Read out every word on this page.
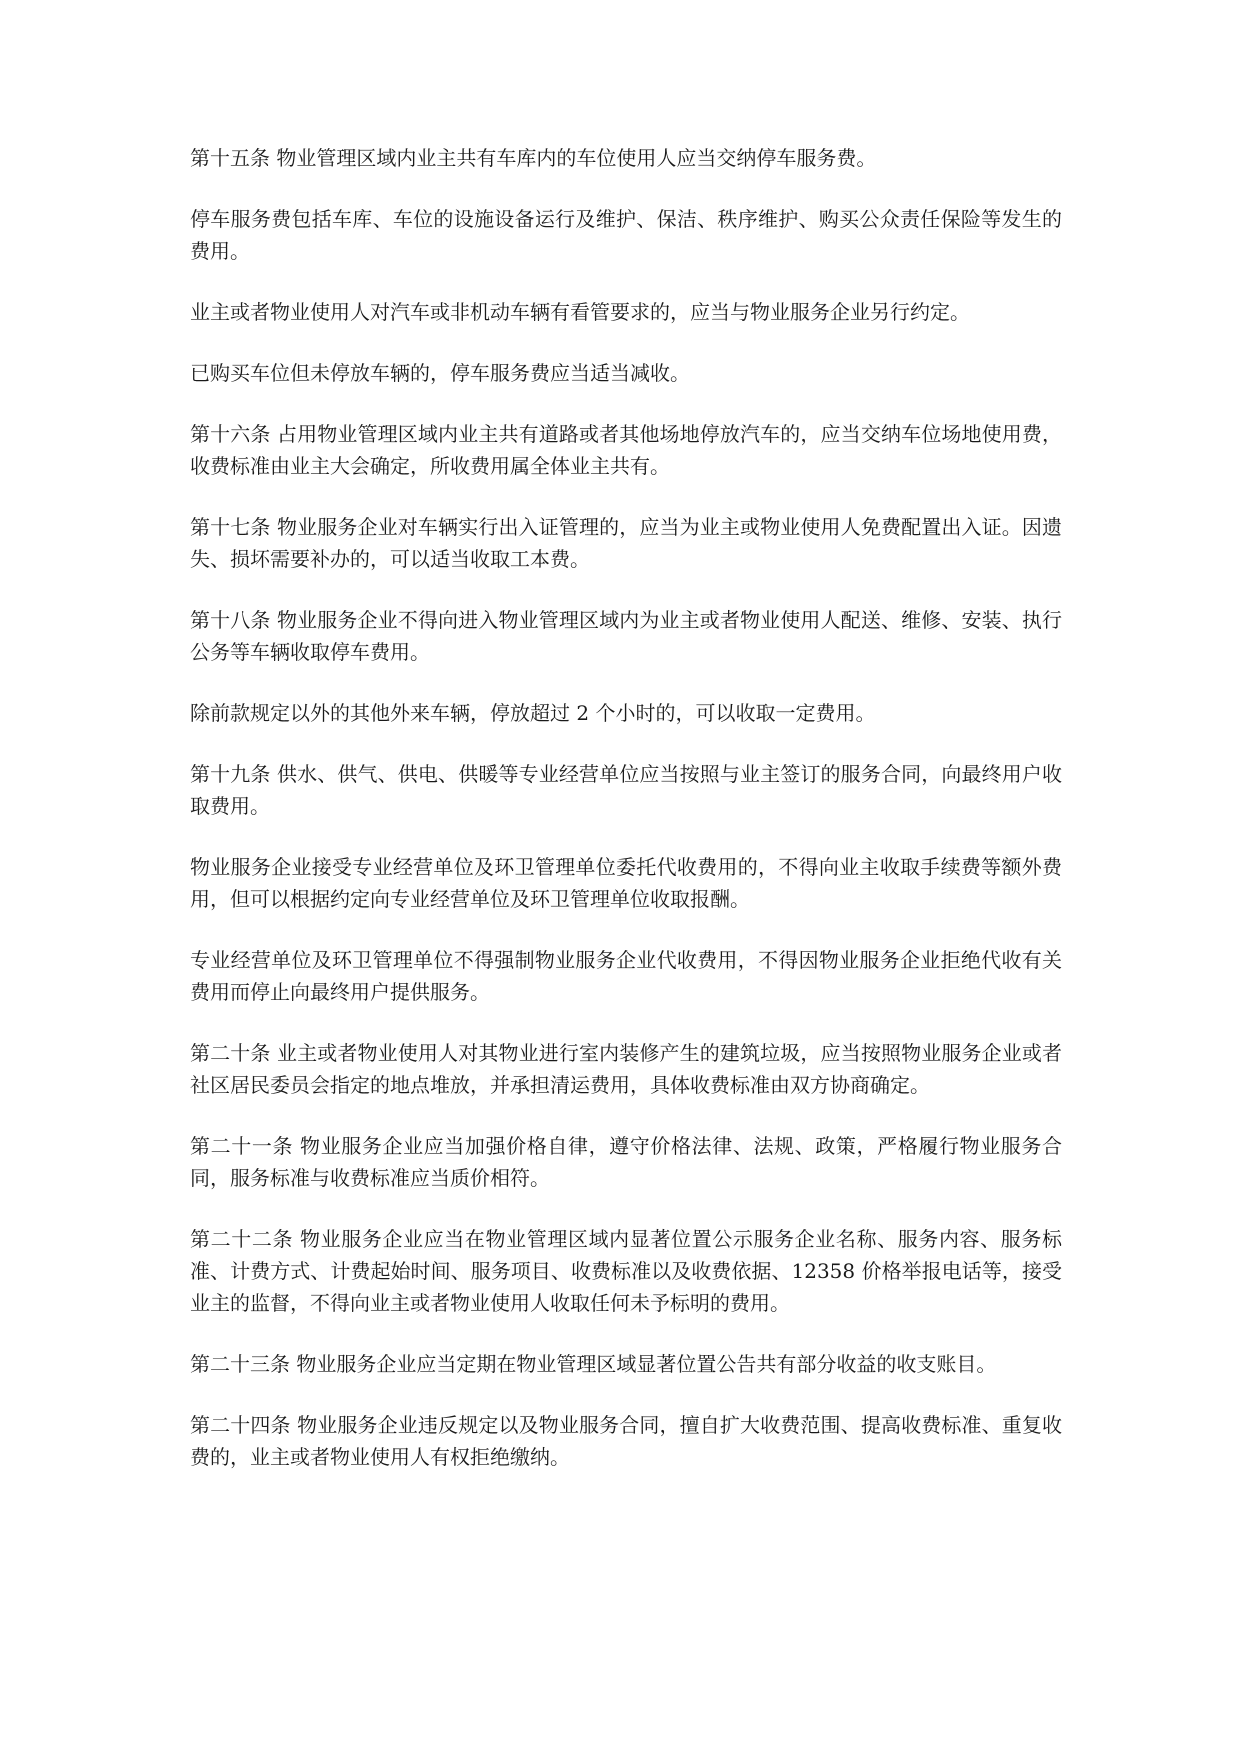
第十五条 物业管理区域内业主共有车库内的车位使用人应当交纳停车服务费。

停车服务费包括车库、车位的设施设备运行及维护、保洁、秩序维护、购买公众责任保险等发生的费用。

业主或者物业使用人对汽车或非机动车辆有看管要求的，应当与物业服务企业另行约定。

已购买车位但未停放车辆的，停车服务费应当适当减收。

第十六条 占用物业管理区域内业主共有道路或者其他场地停放汽车的，应当交纳车位场地使用费，收费标准由业主大会确定，所收费用属全体业主共有。

第十七条 物业服务企业对车辆实行出入证管理的，应当为业主或物业使用人免费配置出入证。因遗失、损坏需要补办的，可以适当收取工本费。

第十八条 物业服务企业不得向进入物业管理区域内为业主或者物业使用人配送、维修、安装、执行公务等车辆收取停车费用。

除前款规定以外的其他外来车辆，停放超过 2 个小时的，可以收取一定费用。

第十九条 供水、供气、供电、供暖等专业经营单位应当按照与业主签订的服务合同，向最终用户收取费用。

物业服务企业接受专业经营单位及环卫管理单位委托代收费用的，不得向业主收取手续费等额外费用，但可以根据约定向专业经营单位及环卫管理单位收取报酬。

专业经营单位及环卫管理单位不得强制物业服务企业代收费用，不得因物业服务企业拒绝代收有关费用而停止向最终用户提供服务。

第二十条 业主或者物业使用人对其物业进行室内装修产生的建筑垃圾，应当按照物业服务企业或者社区居民委员会指定的地点堆放，并承担清运费用，具体收费标准由双方协商确定。

第二十一条 物业服务企业应当加强价格自律，遵守价格法律、法规、政策，严格履行物业服务合同，服务标准与收费标准应当质价相符。

第二十二条 物业服务企业应当在物业管理区域内显著位置公示服务企业名称、服务内容、服务标准、计费方式、计费起始时间、服务项目、收费标准以及收费依据、12358 价格举报电话等，接受业主的监督，不得向业主或者物业使用人收取任何未予标明的费用。

第二十三条 物业服务企业应当定期在物业管理区域显著位置公告共有部分收益的收支账目。

第二十四条 物业服务企业违反规定以及物业服务合同，擅自扩大收费范围、提高收费标准、重复收费的，业主或者物业使用人有权拒绝缴纳。
